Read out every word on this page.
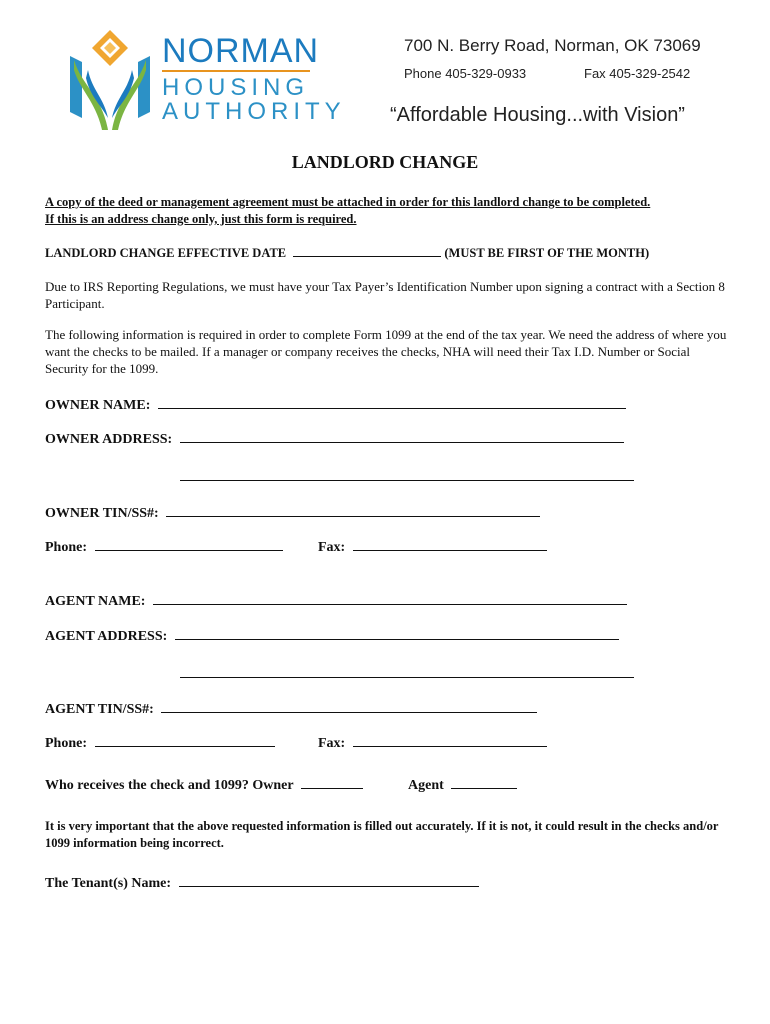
NORMAN
HOUSING
AUTHORITY
700 N. Berry Road, Norman, OK 73069
Phone 405-329-0933	Fax 405-329-2542
“Affordable Housing...with Vision”
LANDLORD CHANGE
A copy of the deed or management agreement must be attached in order for this landlord change to be completed.
If this is an address change only, just this form is required.
LANDLORD CHANGE EFFECTIVE DATE	(MUST BE FIRST OF THE MONTH)
Due to IRS Reporting Regulations, we must have your Tax Payer’s Identification Number upon signing a contract with a Section 8 Participant.
The following information is required in order to complete Form 1099 at the end of the tax year. We need the address of where you want the checks to be mailed. If a manager or company receives the checks, NHA will need their Tax I.D. Number or Social Security for the 1099.
OWNER NAME:
OWNER ADDRESS:
OWNER TIN/SS#:
Phone:	Fax:
AGENT NAME:
AGENT ADDRESS:
AGENT TIN/SS#:
Phone:	Fax:
Who receives the check and 1099? Owner	Agent
It is very important that the above requested information is filled out accurately. If it is not, it could result in the checks and/or 1099 information being incorrect.
The Tenant(s) Name:
